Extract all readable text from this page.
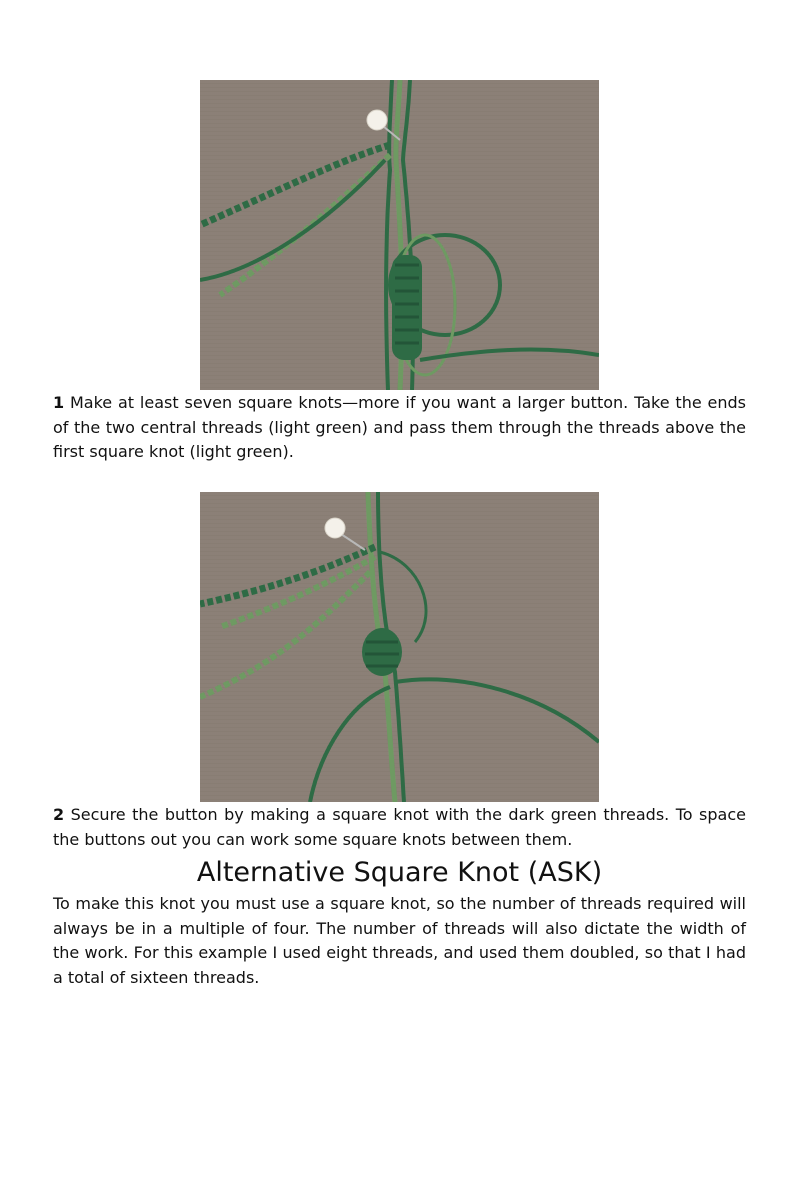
1 Make at least seven square knots—more if you want a larger button. Take the ends of the two central threads (light green) and pass them through the threads above the first square knot (light green).

2 Secure the button by making a square knot with the dark green threads. To space the buttons out you can work some square knots between them.

Alternative Square Knot (ASK)

To make this knot you must use a square knot, so the number of threads required will always be in a multiple of four. The number of threads will also dictate the width of the work. For this example I used eight threads, and used them doubled, so that I had a total of sixteen threads.
